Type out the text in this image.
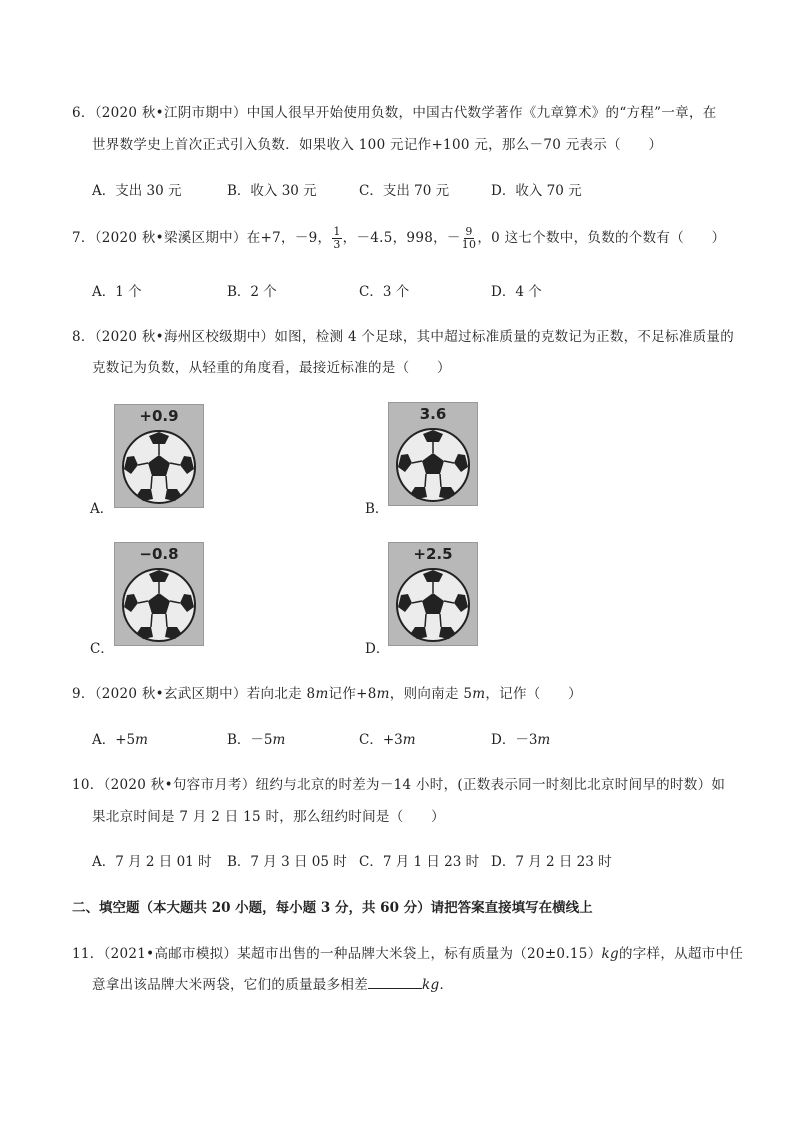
6．（2020 秋•江阴市期中）中国人很早开始使用负数，中国古代数学著作《九章算术》的“方程”一章，在
世界数学史上首次正式引入负数．如果收入 100 元记作+100 元，那么－70 元表示（　　）
A．支出 30 元	B．收入 30 元	C．支出 70 元	D．收入 70 元
7．（2020 秋•梁溪区期中）在+7，－9， $\frac{1}{3}$ ，－4.5，998，－ $\frac{9}{10}$ ，0 这七个数中，负数的个数有（　　）
A．1 个	B．2 个	C．3 个	D．4 个
8．（2020 秋•海州区校级期中）如图，检测 4 个足球，其中超过标准质量的克数记为正数，不足标准质量的
克数记为负数，从轻重的角度看，最接近标准的是（　　）
+0.9
A．
3.6
B．
−0.8
C．
+2.5
D．
9．（2020 秋•玄武区期中）若向北走 8m记作+8m，则向南走 5m，记作（　　）
A．+5m	B．－5m	C．+3m	D．－3m
10．（2020 秋•句容市月考）纽约与北京的时差为－14 小时，(正数表示同一时刻比北京时间早的时数）如
果北京时间是 7 月 2 日 15 时，那么纽约时间是（　　）
A．7 月 2 日 01 时	B．7 月 3 日 05 时 C．7 月 1 日 23 时 D．7 月 2 日 23 时
二、填空题（本大题共 20 小题，每小题 3 分，共 60 分）请把答案直接填写在横线上
11．（2021•高邮市模拟）某超市出售的一种品牌大米袋上，标有质量为（20±0.15）kg的字样，从超市中任
意拿出该品牌大米两袋，它们的质量最多相差	kg．
